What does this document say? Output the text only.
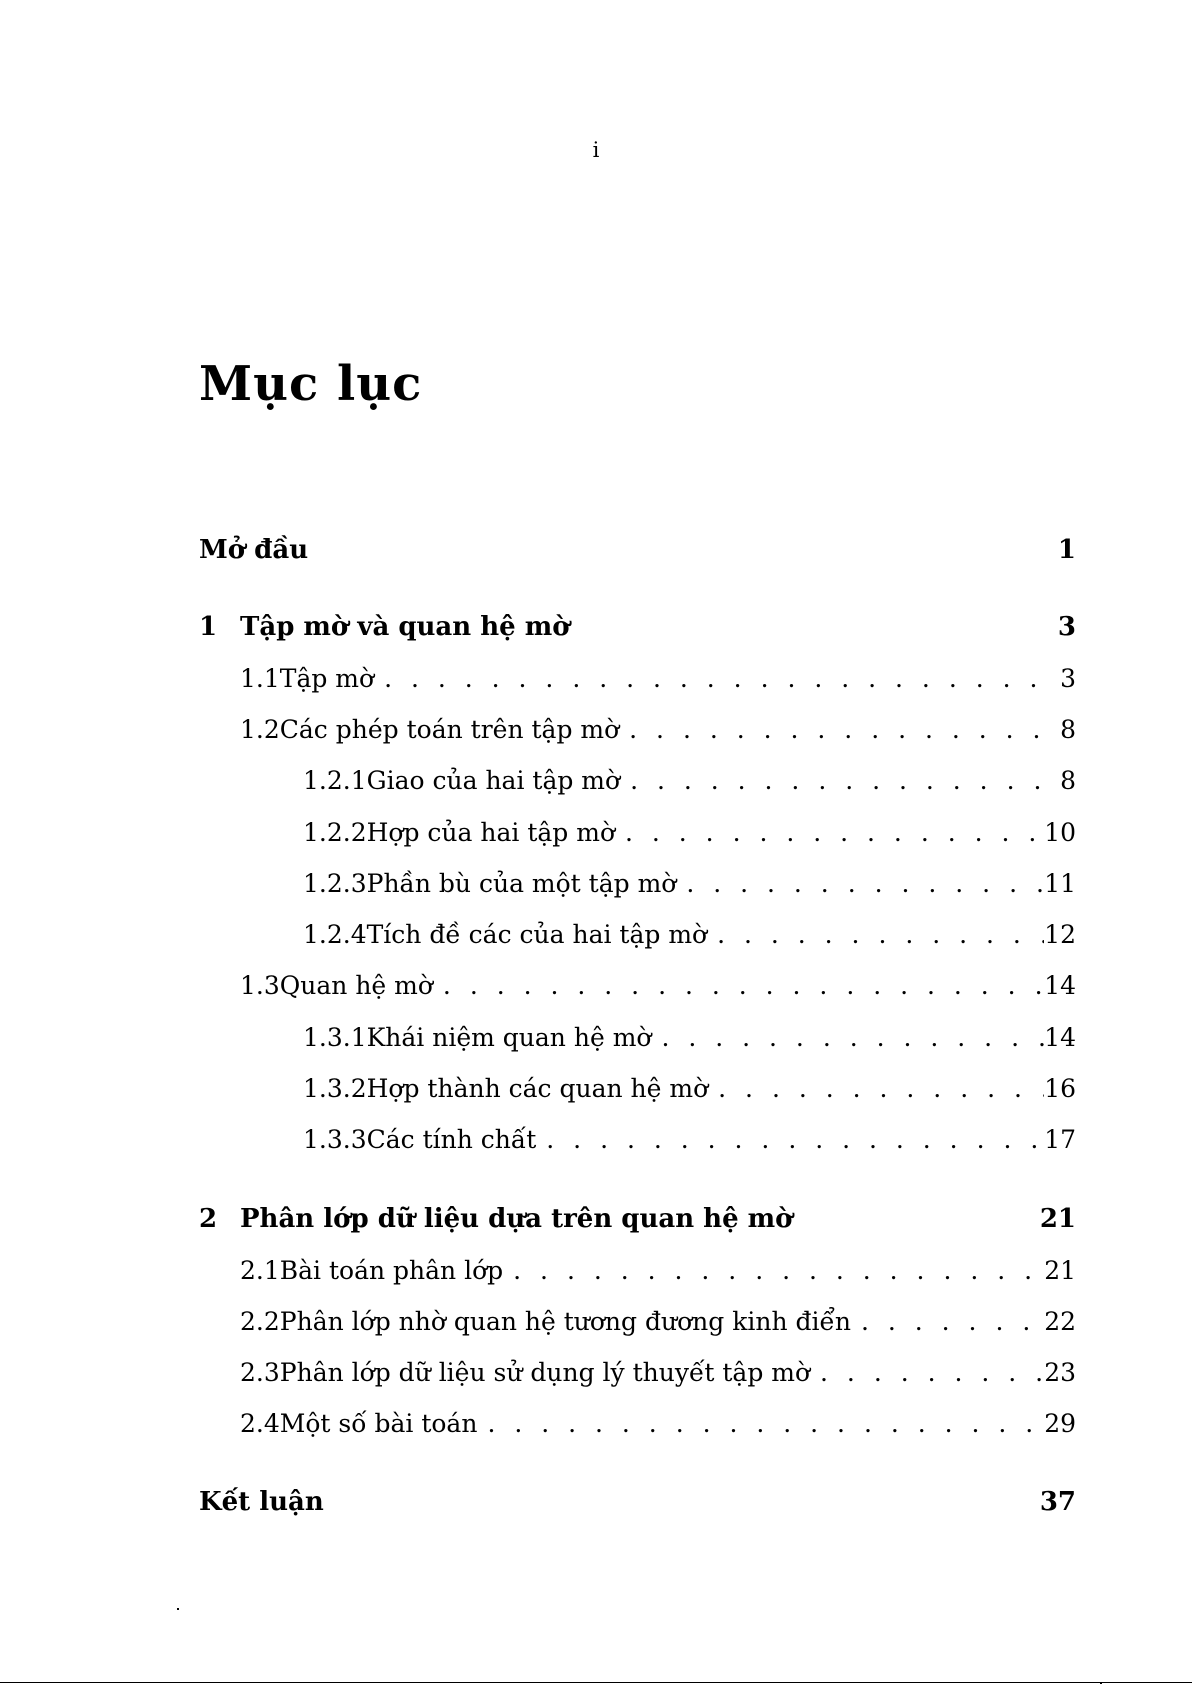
i
Mục lục
Mở đầu	1
1 Tập mờ và quan hệ mờ	3
1.1 Tập mờ . . .	3
1.2 Các phép toán trên tập mờ . . .	8
1.2.1 Giao của hai tập mờ . . .	8
1.2.2 Hợp của hai tập mờ . . .	10
1.2.3 Phần bù của một tập mờ . . .	11
1.2.4 Tích đề các của hai tập mờ . . .	12
1.3 Quan hệ mờ . . .	14
1.3.1 Khái niệm quan hệ mờ . . .	14
1.3.2 Hợp thành các quan hệ mờ . . .	16
1.3.3 Các tính chất . . .	17
2 Phân lớp dữ liệu dựa trên quan hệ mờ	21
2.1 Bài toán phân lớp . . .	21
2.2 Phân lớp nhờ quan hệ tương đương kinh điển . . .	22
2.3 Phân lớp dữ liệu sử dụng lý thuyết tập mờ . . .	23
2.4 Một số bài toán . . .	29
Kết luận	37
